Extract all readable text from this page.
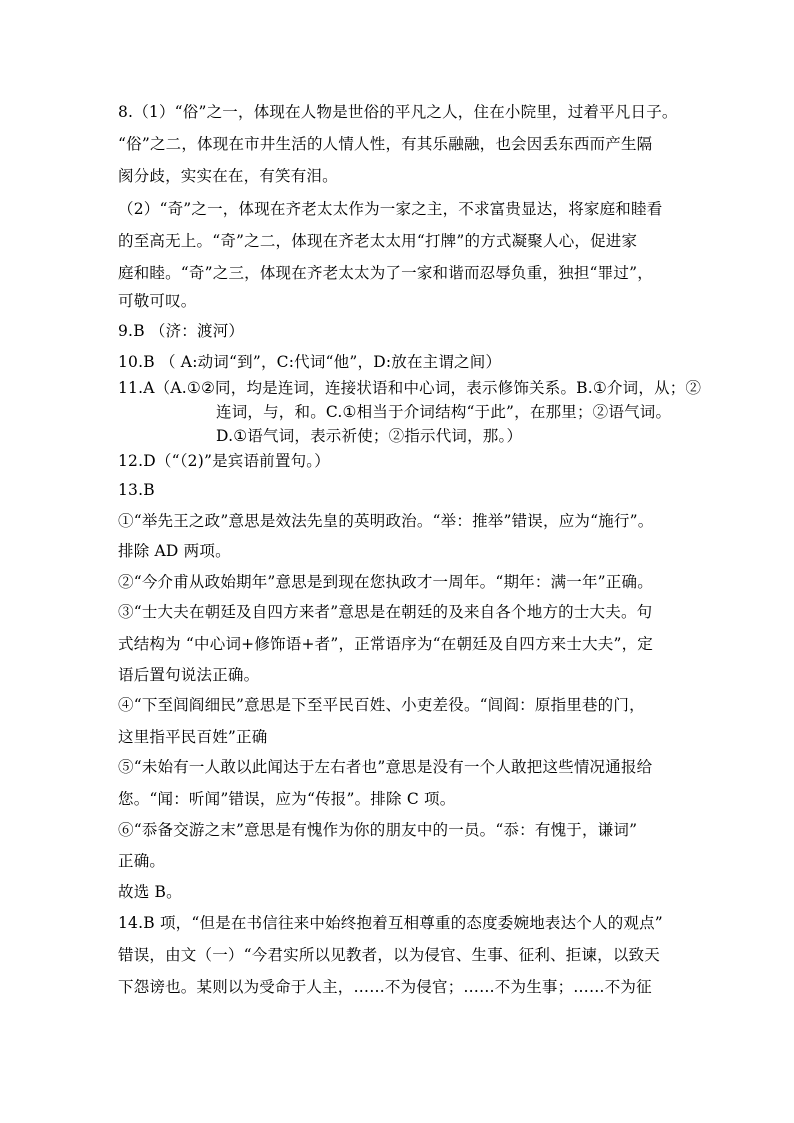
8.（1）“俗”之一，体现在人物是世俗的平凡之人，住在小院里，过着平凡日子。
“俗”之二，体现在市井生活的人情人性，有其乐融融，也会因丢东西而产生隔
阂分歧，实实在在，有笑有泪。
（2）“奇”之一，体现在齐老太太作为一家之主，不求富贵显达，将家庭和睦看
的至高无上。“奇”之二，体现在齐老太太用“打牌”的方式凝聚人心，促进家
庭和睦。“奇”之三，体现在齐老太太为了一家和谐而忍辱负重，独担“罪过”，
可敬可叹。
9.B （济：渡河）
10.B （ A:动词“到”，C:代词“他”，D:放在主谓之间）
11.A（A.①②同，均是连词，连接状语和中心词，表示修饰关系。B.①介词，从；②
连词，与，和。C.①相当于介词结构“于此”，在那里；②语气词。
D.①语气词，表示祈使；②指示代词，那。）
12.D（“（2)”是宾语前置句。）
13.B
①“举先王之政”意思是效法先皇的英明政治。“举：推举”错误，应为“施行”。
排除 AD 两项。
②“今介甫从政始期年”意思是到现在您执政才一周年。“期年：满一年”正确。
③“士大夫在朝廷及自四方来者”意思是在朝廷的及来自各个地方的士大夫。句
式结构为 “中心词+修饰语+者”，正常语序为“在朝廷及自四方来士大夫”，定
语后置句说法正确。
④“下至闾阎细民”意思是下至平民百姓、小吏差役。“闾阎：原指里巷的门，
这里指平民百姓”正确
⑤“未始有一人敢以此闻达于左右者也”意思是没有一个人敢把这些情况通报给
您。“闻：听闻”错误，应为“传报”。排除 C 项。
⑥“忝备交游之末”意思是有愧作为你的朋友中的一员。“忝：有愧于，谦词”
正确。
故选 B。
14.B 项，“但是在书信往来中始终抱着互相尊重的态度委婉地表达个人的观点”
错误，由文（一）“今君实所以见教者，以为侵官、生事、征利、拒谏，以致天
下怨谤也。某则以为受命于人主，……不为侵官；……不为生事；……不为征
